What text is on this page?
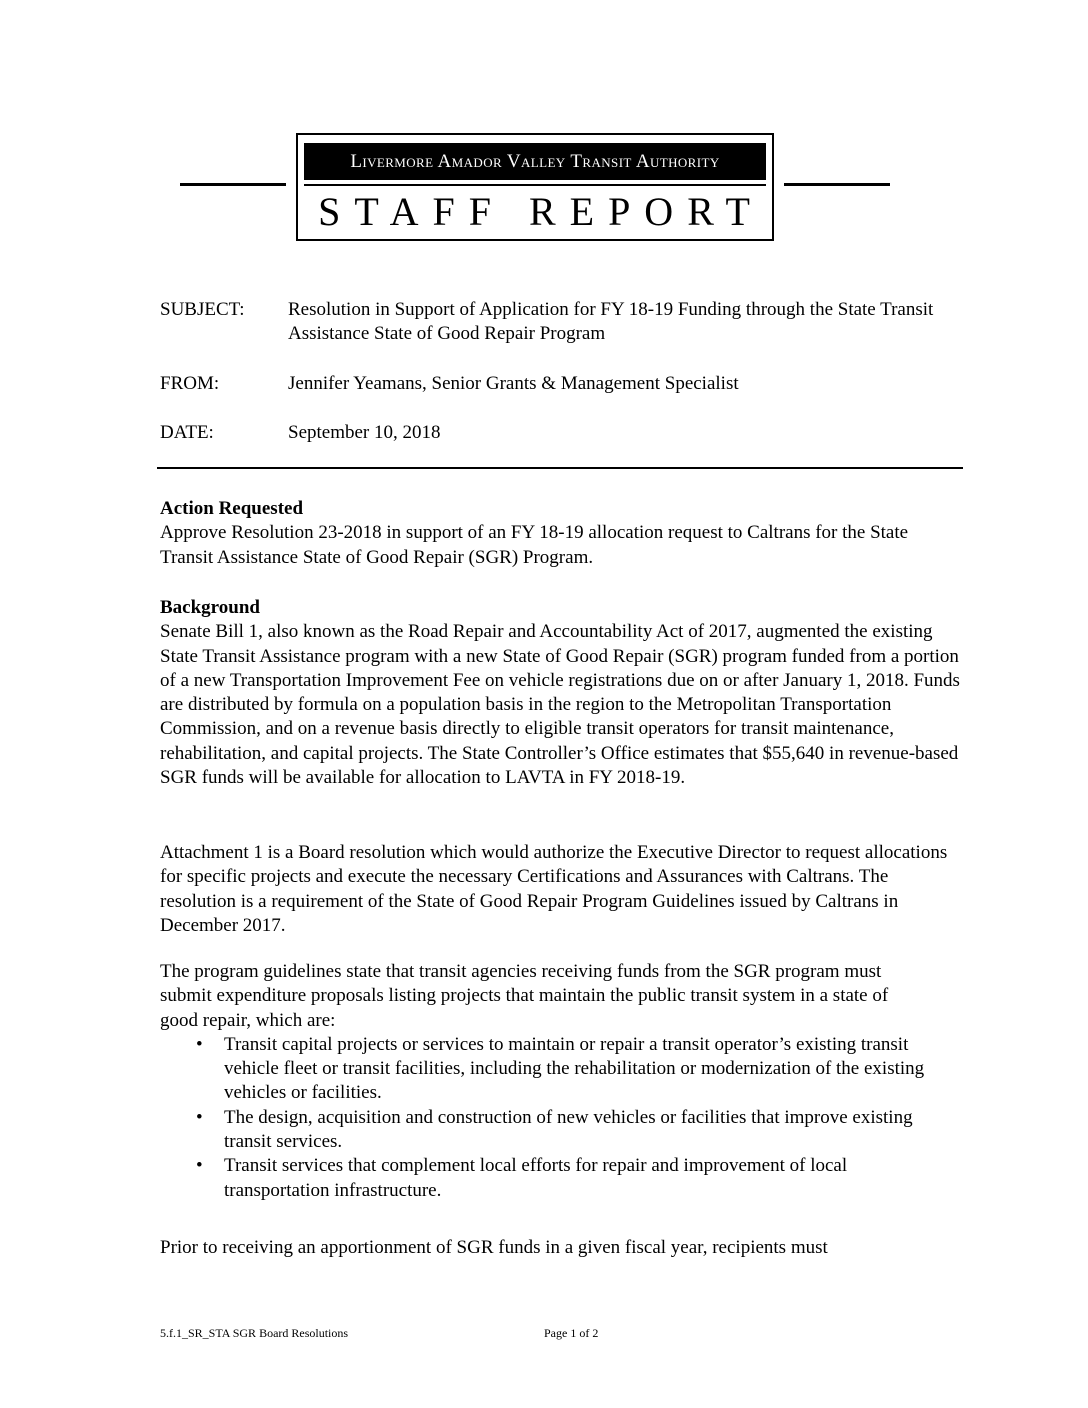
Livermore Amador Valley Transit Authority
STAFF REPORT
SUBJECT:	Resolution in Support of Application for FY 18-19 Funding through the State Transit Assistance State of Good Repair Program
FROM:	Jennifer Yeamans, Senior Grants & Management Specialist
DATE:	September 10, 2018

Action Requested

Approve Resolution 23-2018 in support of an FY 18-19 allocation request to Caltrans for the State Transit Assistance State of Good Repair (SGR) Program.

Background

Senate Bill 1, also known as the Road Repair and Accountability Act of 2017, augmented the existing State Transit Assistance program with a new State of Good Repair (SGR) program funded from a portion of a new Transportation Improvement Fee on vehicle registrations due on or after January 1, 2018. Funds are distributed by formula on a population basis in the region to the Metropolitan Transportation Commission, and on a revenue basis directly to eligible transit operators for transit maintenance, rehabilitation, and capital projects. The State Controller’s Office estimates that $55,640 in revenue-based SGR funds will be available for allocation to LAVTA in FY 2018-19.

Attachment 1 is a Board resolution which would authorize the Executive Director to request allocations for specific projects and execute the necessary Certifications and Assurances with Caltrans. The resolution is a requirement of the State of Good Repair Program Guidelines issued by Caltrans in December 2017.

The program guidelines state that transit agencies receiving funds from the SGR program must submit expenditure proposals listing projects that maintain the public transit system in a state of good repair, which are:

• Transit capital projects or services to maintain or repair a transit operator’s existing transit vehicle fleet or transit facilities, including the rehabilitation or modernization of the existing vehicles or facilities.
• The design, acquisition and construction of new vehicles or facilities that improve existing transit services.
• Transit services that complement local efforts for repair and improvement of local transportation infrastructure.

Prior to receiving an apportionment of SGR funds in a given fiscal year, recipients must

5.f.1_SR_STA SGR Board Resolutions	Page 1 of 2
